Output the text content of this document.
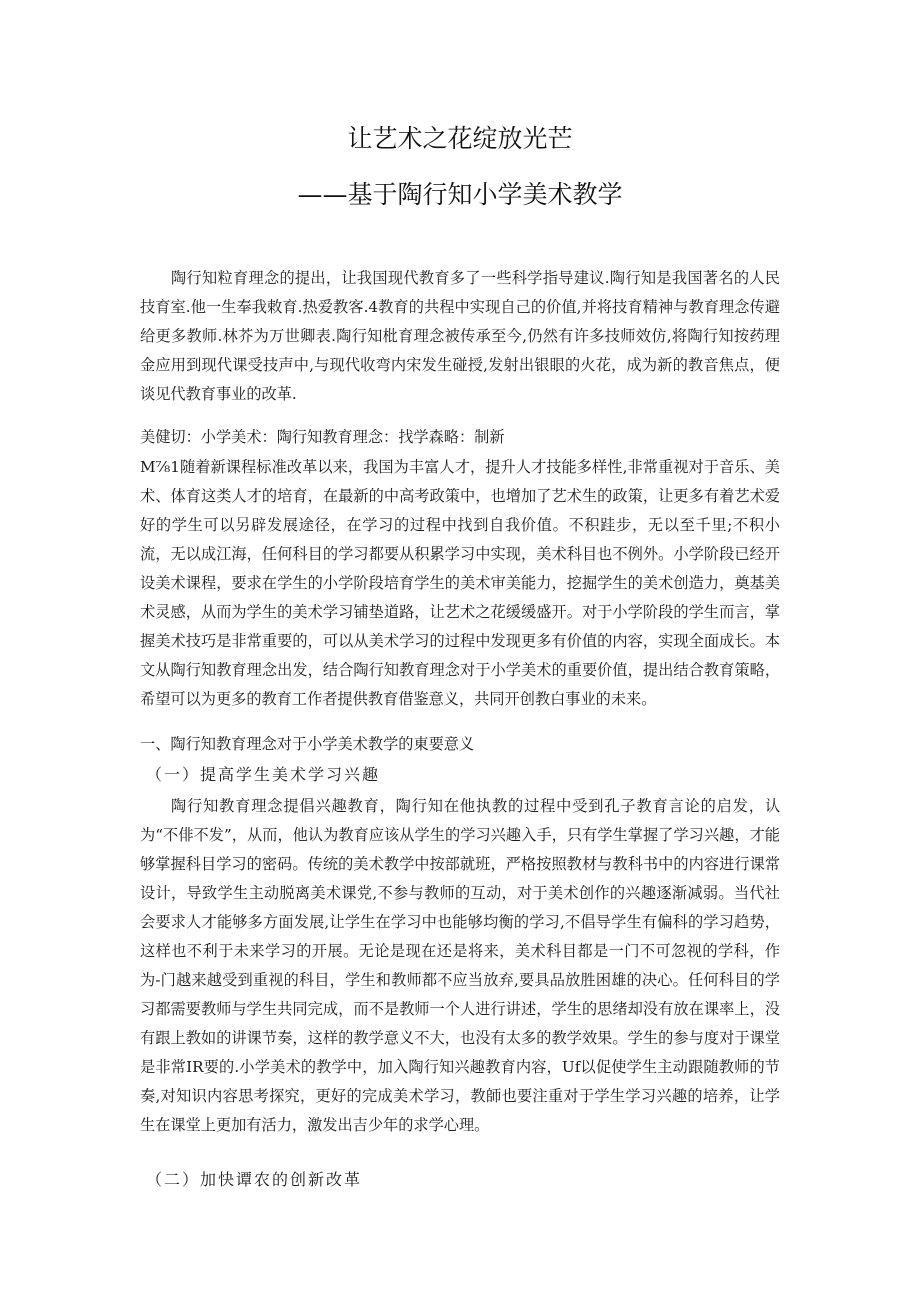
让艺术之花绽放光芒
——基于陶行知小学美术教学

陶行知粒育理念的提出，让我国现代教育多了一些科学指导建议.陶行知是我国著名的人民技育室.他一生奉我敕育.热爱教客.4教育的共程中实现自己的价值,并将技育精神与教育理念传避给更多教师.林芥为万世卿表.陶行知枇育理念被传承至今,仍然有许多技师效仿,将陶行知按药理金应用到现代课受技声中,与现代收弯内宋发生碰授,发射出银眼的火花，成为新的教音焦点，便谈见代教育事业的改革.

美健切：小学美术：陶行知教育理念：找学森略：制新

M⅞1随着新课程标准改革以来，我国为丰富人才，提升人才技能多样性,非常重视对于音乐、美术、体育这类人才的培育，在最新的中高考政策中，也增加了艺术生的政策，让更多有着艺术爱好的学生可以另辟发展途径，在学习的过程中找到自我价值。不积跬步，无以至千里;不积小流，无以成江海，任何科目的学习都要从积累学习中实现，美术科目也不例外。小学阶段已经开设美术课程，要求在学生的小学阶段培育学生的美术审美能力，挖掘学生的美术创造力，奠基美术灵感，从而为学生的美术学习铺垫道路，让艺术之花缓缓盛开。对于小学阶段的学生而言，掌握美术技巧是非常重要的，可以从美术学习的过程中发现更多有价值的内容，实现全面成长。本文从陶行知教育理念出发，结合陶行知教育理念对于小学美术的重要价值，提出结合教育策略，希望可以为更多的教育工作者提供教育借鉴意义，共同开创教白事业的未来。

一、陶行知教育理念对于小学美术教学的東要意义

（一）提高学生美术学习兴趣

陶行知教育理念提倡兴趣教育，陶行知在他执教的过程中受到孔子教育言论的启发，认为“不俳不发”，从而，他认为教育应该从学生的学习兴趣入手，只有学生掌握了学习兴趣，才能够掌握科目学习的密码。传统的美术教学中按部就班，严格按照教材与教科书中的内容进行课常设计，导致学生主动脱离美术课党,不参与教师的互动，对于美术创作的兴趣逐渐减弱。当代社会要求人才能够多方面发展,让学生在学习中也能够均衡的学习,不倡导学生有偏科的学习趋势，这样也不利于未来学习的开展。无论是现在还是将来，美术科目都是一门不可忽视的学科，作为-门越来越受到重视的科目，学生和教师都不应当放弃,要具品放胜困雄的决心。任何科目的学习都需要教师与学生共同完成，而不是教师一个人进行讲述，学生的思绪却没有放在课率上，没有跟上教如的讲课节奏，这样的教学意义不大，也没有太多的教学效果。学生的参与度对于课堂是非常IR要的.小学美术的教学中，加入陶行知兴趣教育内容，Uf以促使学生主动跟随教师的节奏,对知识内容思考探究，更好的完成美术学习，教師也要注重对于学生学习兴趣的培养，让学生在课堂上更加有活力，激发出吉少年的求学心理。

（二）加快谭农的创新改革
